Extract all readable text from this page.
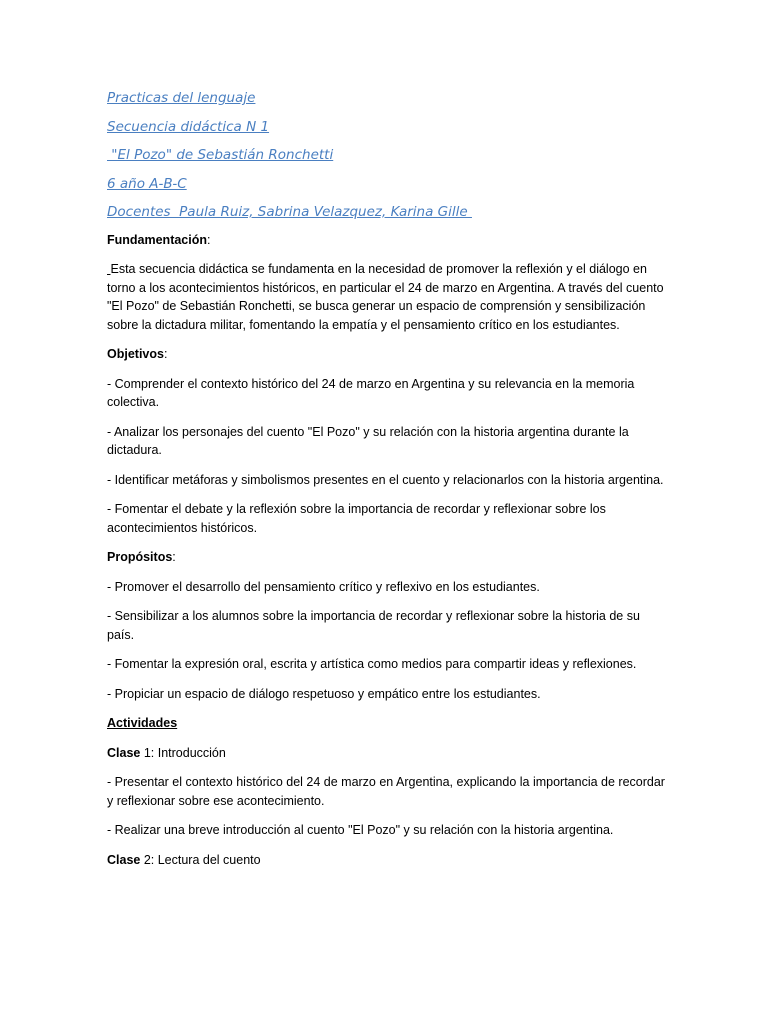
Practicas del lenguaje
Secuencia didáctica N 1
"El Pozo" de Sebastián Ronchetti
6 año A-B-C
Docentes  Paula Ruiz, Sabrina Velazquez, Karina Gille
Fundamentación:
Esta secuencia didáctica se fundamenta en la necesidad de promover la reflexión y el diálogo en torno a los acontecimientos históricos, en particular el 24 de marzo en Argentina. A través del cuento "El Pozo" de Sebastián Ronchetti, se busca generar un espacio de comprensión y sensibilización sobre la dictadura militar, fomentando la empatía y el pensamiento crítico en los estudiantes.
Objetivos:
- Comprender el contexto histórico del 24 de marzo en Argentina y su relevancia en la memoria colectiva.
- Analizar los personajes del cuento "El Pozo" y su relación con la historia argentina durante la dictadura.
- Identificar metáforas y simbolismos presentes en el cuento y relacionarlos con la historia argentina.
- Fomentar el debate y la reflexión sobre la importancia de recordar y reflexionar sobre los acontecimientos históricos.
Propósitos:
- Promover el desarrollo del pensamiento crítico y reflexivo en los estudiantes.
- Sensibilizar a los alumnos sobre la importancia de recordar y reflexionar sobre la historia de su país.
- Fomentar la expresión oral, escrita y artística como medios para compartir ideas y reflexiones.
- Propiciar un espacio de diálogo respetuoso y empático entre los estudiantes.
Actividades
Clase 1: Introducción
- Presentar el contexto histórico del 24 de marzo en Argentina, explicando la importancia de recordar y reflexionar sobre ese acontecimiento.
- Realizar una breve introducción al cuento "El Pozo" y su relación con la historia argentina.
Clase 2: Lectura del cuento
